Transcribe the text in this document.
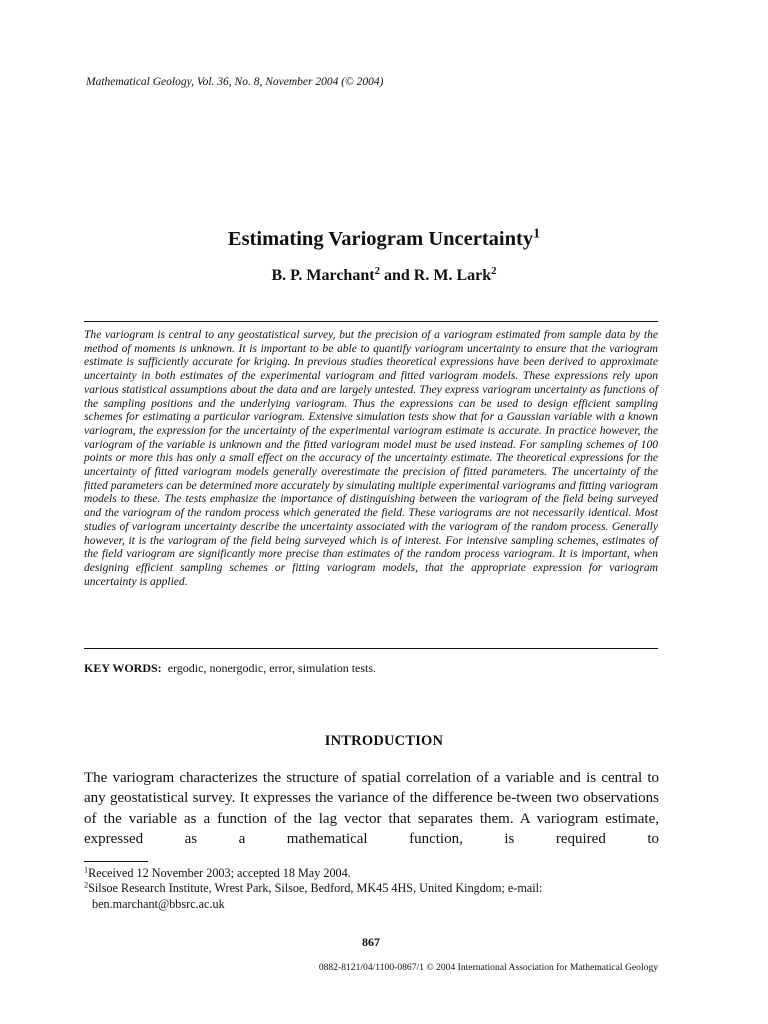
Mathematical Geology, Vol. 36, No. 8, November 2004 (© 2004)
Estimating Variogram Uncertainty$^1$
B. P. Marchant$^2$ and R. M. Lark$^2$
The variogram is central to any geostatistical survey, but the precision of a variogram estimated from sample data by the method of moments is unknown. It is important to be able to quantify variogram uncertainty to ensure that the variogram estimate is sufficiently accurate for kriging. In previous studies theoretical expressions have been derived to approximate uncertainty in both estimates of the experimental variogram and fitted variogram models. These expressions rely upon various statistical assumptions about the data and are largely untested. They express variogram uncertainty as functions of the sampling positions and the underlying variogram. Thus the expressions can be used to design efficient sampling schemes for estimating a particular variogram. Extensive simulation tests show that for a Gaussian variable with a known variogram, the expression for the uncertainty of the experimental variogram estimate is accurate. In practice however, the variogram of the variable is unknown and the fitted variogram model must be used instead. For sampling schemes of 100 points or more this has only a small effect on the accuracy of the uncertainty estimate. The theoretical expressions for the uncertainty of fitted variogram models generally overestimate the precision of fitted parameters. The uncertainty of the fitted parameters can be determined more accurately by simulating multiple experimental variograms and fitting variogram models to these. The tests emphasize the importance of distinguishing between the variogram of the field being surveyed and the variogram of the random process which generated the field. These variograms are not necessarily identical. Most studies of variogram uncertainty describe the uncertainty associated with the variogram of the random process. Generally however, it is the variogram of the field being surveyed which is of interest. For intensive sampling schemes, estimates of the field variogram are significantly more precise than estimates of the random process variogram. It is important, when designing efficient sampling schemes or fitting variogram models, that the appropriate expression for variogram uncertainty is applied.
KEY WORDS: ergodic, nonergodic, error, simulation tests.
INTRODUCTION
The variogram characterizes the structure of spatial correlation of a variable and is central to any geostatistical survey. It expresses the variance of the difference be-tween two observations of the variable as a function of the lag vector that separates them. A variogram estimate, expressed as a mathematical function, is required to
$^1$Received 12 November 2003; accepted 18 May 2004.
$^2$Silsoe Research Institute, Wrest Park, Silsoe, Bedford, MK45 4HS, United Kingdom; e-mail:
ben.marchant@bbsrc.ac.uk
867
0882-8121/04/1100-0867/1 © 2004 International Association for Mathematical Geology
